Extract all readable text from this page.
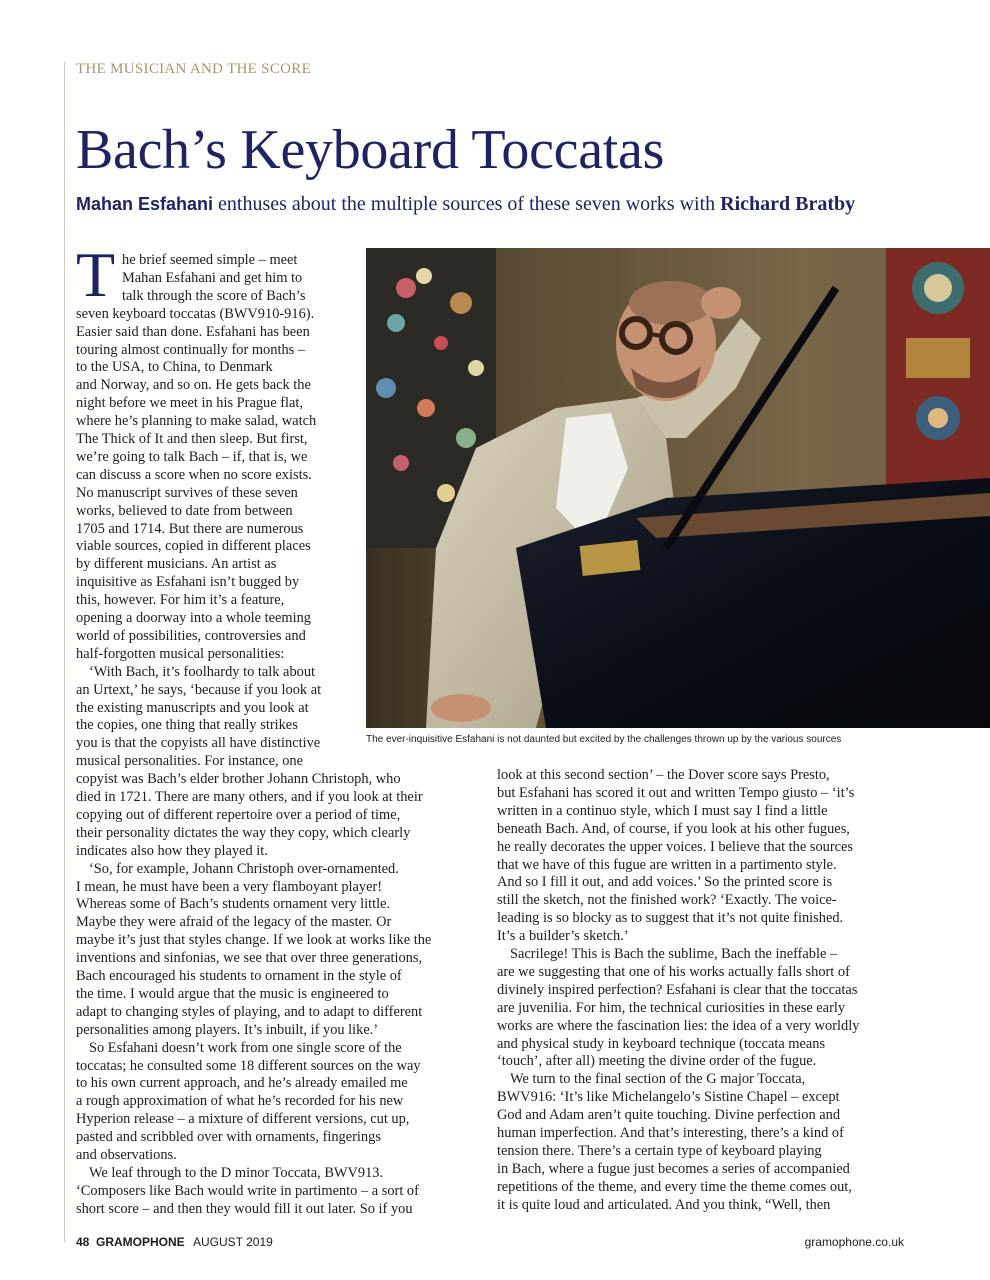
THE MUSICIAN AND THE SCORE
Bach’s Keyboard Toccatas
Mahan Esfahani enthuses about the multiple sources of these seven works with Richard Bratby
The ever-inquisitive Esfahani is not daunted but excited by the challenges thrown up by the various sources
T
48 GRAMOPHONE AUGUST 2019	gramophone.co.uk
he brief seemed simple – meet
Mahan Esfahani and get him to
talk through the score of Bach’s
seven keyboard toccatas (BWV910-916).
Easier said than done. Esfahani has been
touring almost continually for months –
to the USA, to China, to Denmark
and Norway, and so on. He gets back the
night before we meet in his Prague flat,
where he’s planning to make salad, watch
The Thick of It and then sleep. But first,
we’re going to talk Bach – if, that is, we
can discuss a score when no score exists.
No manuscript survives of these seven
works, believed to date from between
1705 and 1714. But there are numerous
viable sources, copied in different places
by different musicians. An artist as
inquisitive as Esfahani isn’t bugged by
this, however. For him it’s a feature,
opening a doorway into a whole teeming
world of possibilities, controversies and
half-forgotten musical personalities:
‘With Bach, it’s foolhardy to talk about
an Urtext,’ he says, ‘because if you look at
the existing manuscripts and you look at
the copies, one thing that really strikes
you is that the copyists all have distinctive
musical personalities. For instance, one
copyist was Bach’s elder brother Johann Christoph, who
died in 1721. There are many others, and if you look at their
copying out of different repertoire over a period of time,
their personality dictates the way they copy, which clearly
indicates also how they played it.
‘So, for example, Johann Christoph over-ornamented.
I mean, he must have been a very flamboyant player!
Whereas some of Bach’s students ornament very little.
Maybe they were afraid of the legacy of the master. Or
maybe it’s just that styles change. If we look at works like the
inventions and sinfonias, we see that over three generations,
Bach encouraged his students to ornament in the style of
the time. I would argue that the music is engineered to
adapt to changing styles of playing, and to adapt to different
personalities among players. It’s inbuilt, if you like.’
So Esfahani doesn’t work from one single score of the
toccatas; he consulted some 18 different sources on the way
to his own current approach, and he’s already emailed me
a rough approximation of what he’s recorded for his new
Hyperion release – a mixture of different versions, cut up,
pasted and scribbled over with ornaments, fingerings
and observations.
We leaf through to the D minor Toccata, BWV913.
‘Composers like Bach would write in partimento – a sort of
short score – and then they would fill it out later. So if you
look at this second section’ – the Dover score says Presto,
but Esfahani has scored it out and written Tempo giusto – ‘it’s
written in a continuo style, which I must say I find a little
beneath Bach. And, of course, if you look at his other fugues,
he really decorates the upper voices. I believe that the sources
that we have of this fugue are written in a partimento style.
And so I fill it out, and add voices.’ So the printed score is
still the sketch, not the finished work? ‘Exactly. The voice-
leading is so blocky as to suggest that it’s not quite finished.
It’s a builder’s sketch.’
Sacrilege! This is Bach the sublime, Bach the ineffable –
are we suggesting that one of his works actually falls short of
divinely inspired perfection? Esfahani is clear that the toccatas
are juvenilia. For him, the technical curiosities in these early
works are where the fascination lies: the idea of a very worldly
and physical study in keyboard technique (toccata means
‘touch’, after all) meeting the divine order of the fugue.
We turn to the final section of the G major Toccata,
BWV916: ‘It’s like Michelangelo’s Sistine Chapel – except
God and Adam aren’t quite touching. Divine perfection and
human imperfection. And that’s interesting, there’s a kind of
tension there. There’s a certain type of keyboard playing
in Bach, where a fugue just becomes a series of accompanied
repetitions of the theme, and every time the theme comes out,
it is quite loud and articulated. And you think, “Well, then
